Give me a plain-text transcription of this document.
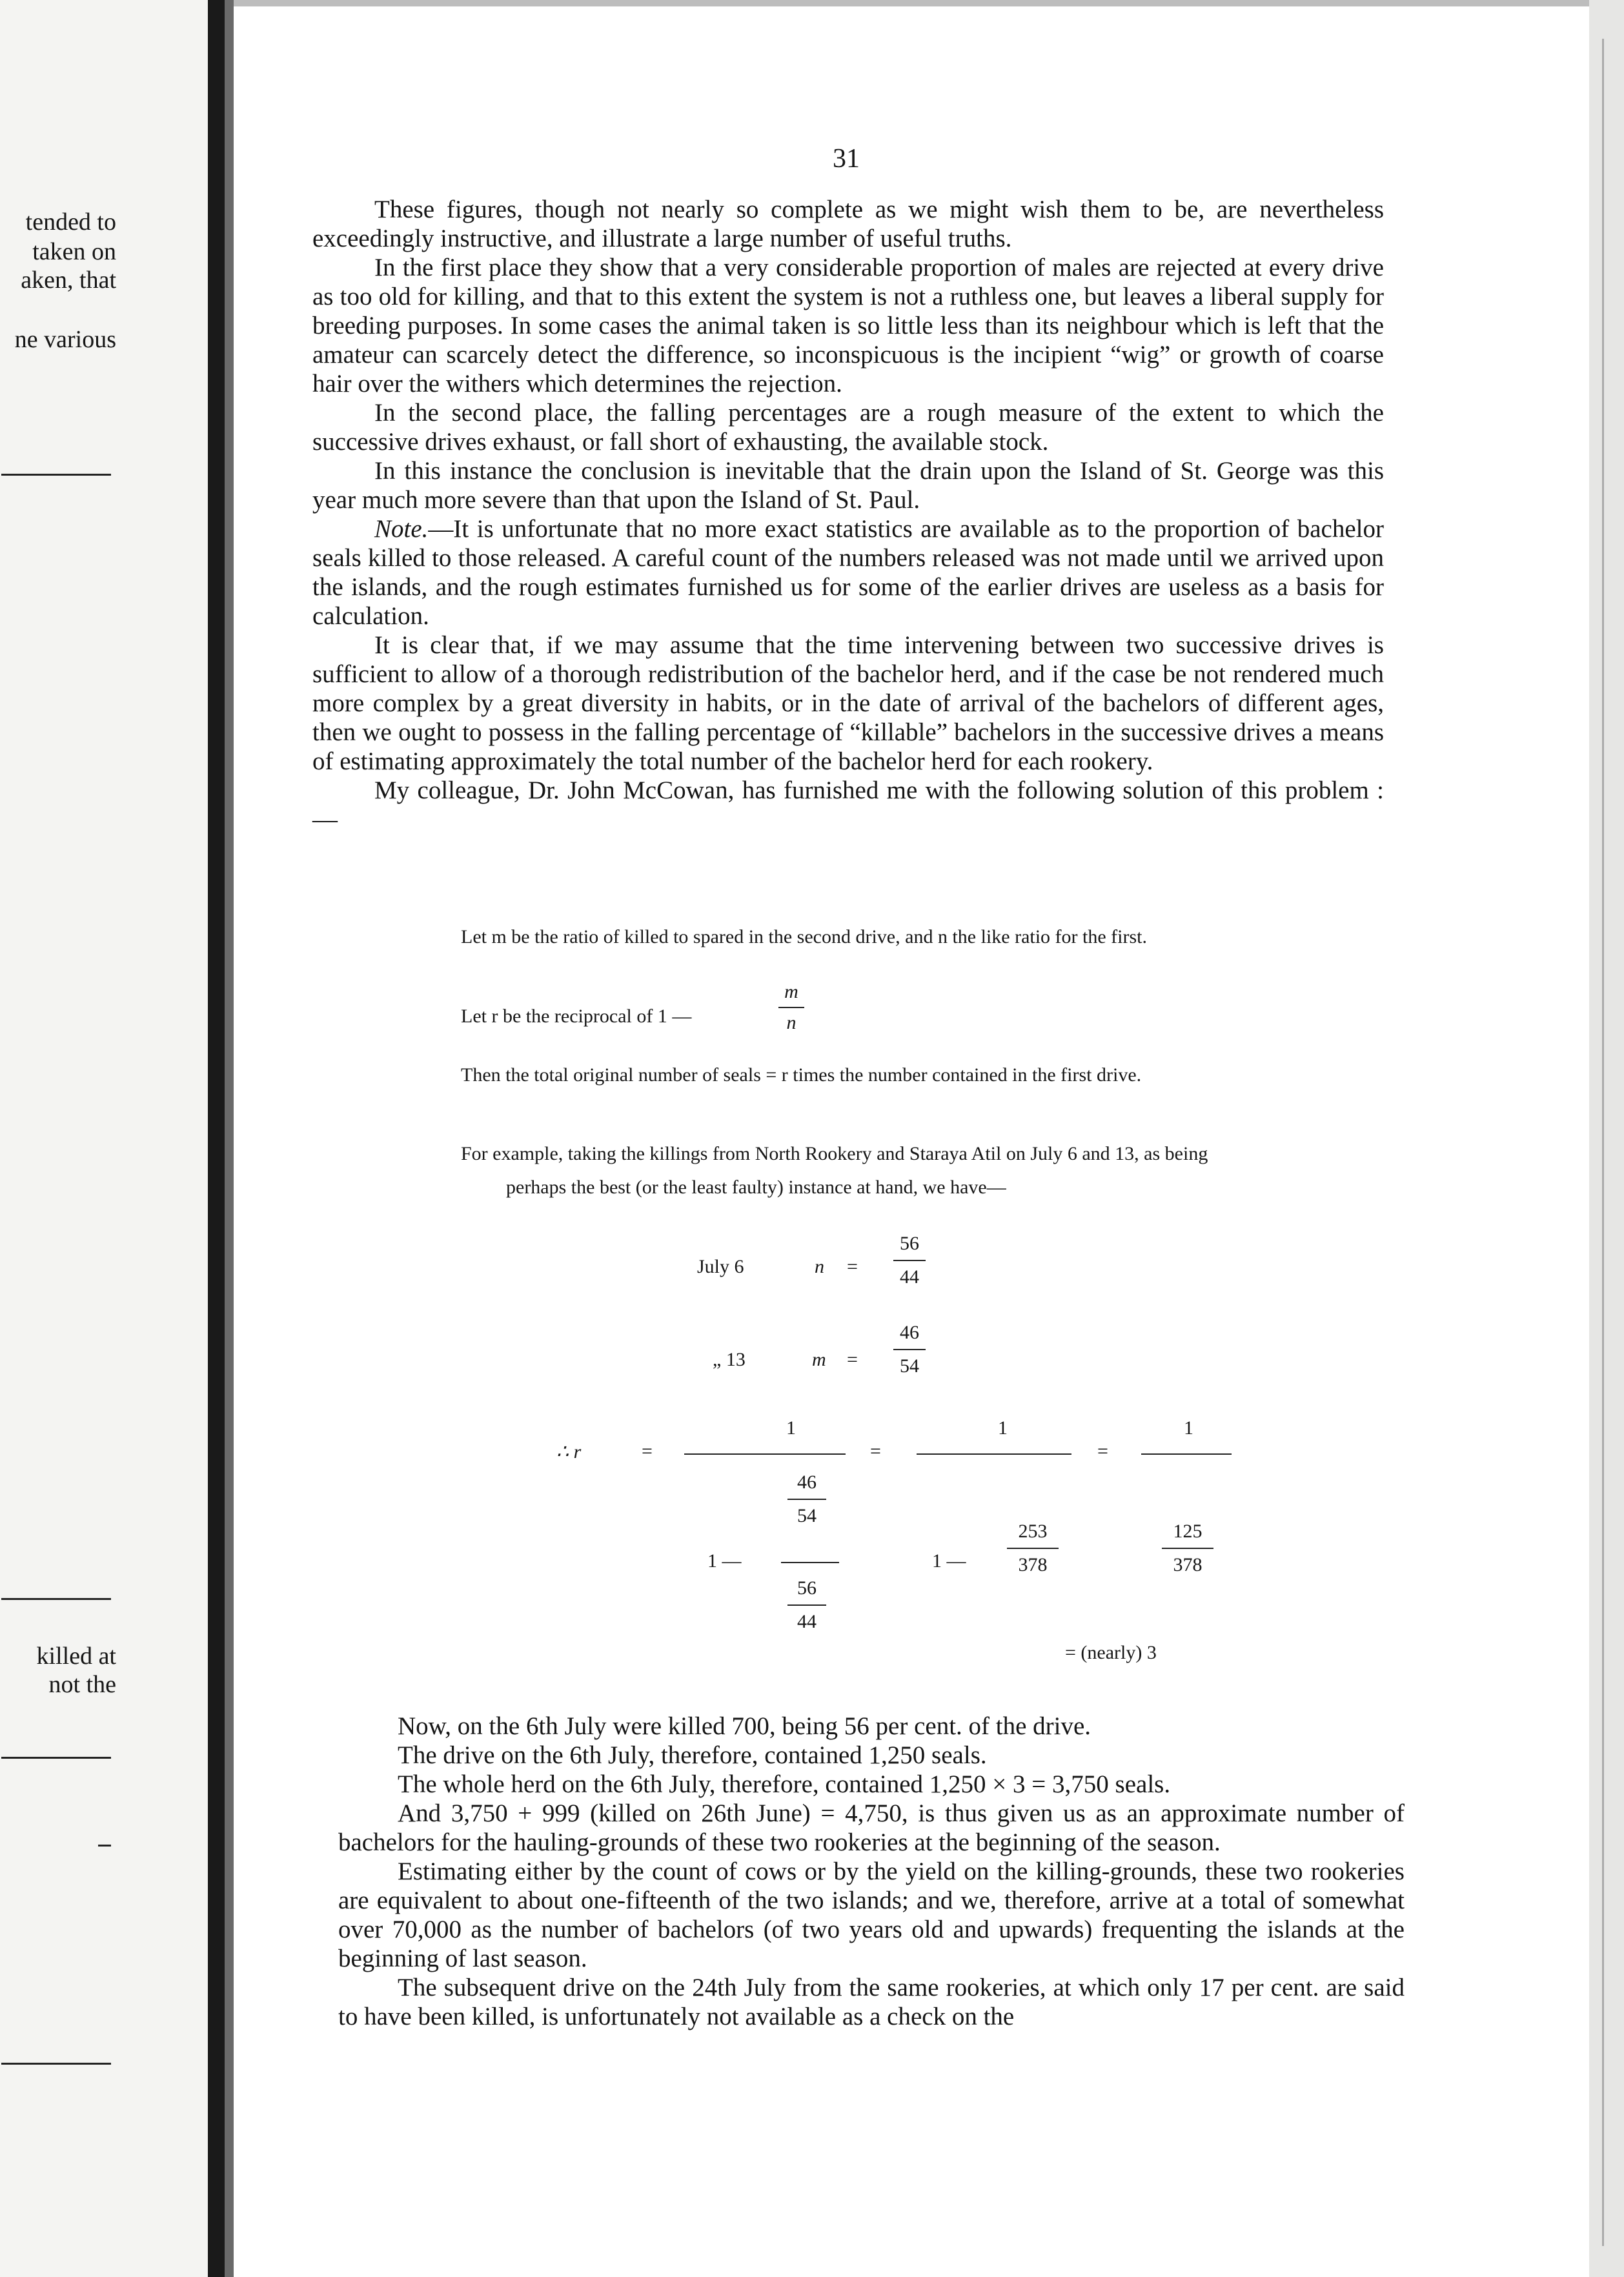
tended to
taken on
aken, that
ne various
killed at
not the
31

These figures, though not nearly so complete as we might wish them to be, are nevertheless exceedingly instructive, and illustrate a large number of useful truths.

In the first place they show that a very considerable proportion of males are rejected at every drive as too old for killing, and that to this extent the system is not a ruthless one, but leaves a liberal supply for breeding purposes. In some cases the animal taken is so little less than its neighbour which is left that the amateur can scarcely detect the difference, so inconspicuous is the incipient “wig” or growth of coarse hair over the withers which determines the rejection.

In the second place, the falling percentages are a rough measure of the extent to which the successive drives exhaust, or fall short of exhausting, the available stock.

In this instance the conclusion is inevitable that the drain upon the Island of St. George was this year much more severe than that upon the Island of St. Paul.

Note.—It is unfortunate that no more exact statistics are available as to the proportion of bachelor seals killed to those released. A careful count of the numbers released was not made until we arrived upon the islands, and the rough estimates furnished us for some of the earlier drives are useless as a basis for calculation.

It is clear that, if we may assume that the time intervening between two successive drives is sufficient to allow of a thorough redistribution of the bachelor herd, and if the case be not rendered much more complex by a great diversity in habits, or in the date of arrival of the bachelors of different ages, then we ought to possess in the falling percentage of “killable” bachelors in the successive drives a means of estimating approximately the total number of the bachelor herd for each rookery.

My colleague, Dr. John McCowan, has furnished me with the following solution of this problem :—

Let m be the ratio of killed to spared in the second drive, and n the like ratio for the first.

Let r be the reciprocal of 1 —
m
n

Then the total original number of seals = r times the number contained in the first drive.

For example, taking the killings from North Rookery and Staraya Atil on July 6 and 13, as being perhaps the best (or the least faulty) instance at hand, we have—

July 6	n =
56
44
„ 13	m =
46
54
∴ r	=
1
46
54
1 —
56
44
=
1
1 —
253
378
=
1
125
378
= (nearly) 3

Now, on the 6th July were killed 700, being 56 per cent. of the drive.

The drive on the 6th July, therefore, contained 1,250 seals.

The whole herd on the 6th July, therefore, contained 1,250 × 3 = 3,750 seals.

And 3,750 + 999 (killed on 26th June) = 4,750, is thus given us as an approximate number of bachelors for the hauling-grounds of these two rookeries at the beginning of the season.

Estimating either by the count of cows or by the yield on the killing-grounds, these two rookeries are equivalent to about one-fifteenth of the two islands; and we, therefore, arrive at a total of somewhat over 70,000 as the number of bachelors (of two years old and upwards) frequenting the islands at the beginning of last season.

The subsequent drive on the 24th July from the same rookeries, at which only 17 per cent. are said to have been killed, is unfortunately not available as a check on the
